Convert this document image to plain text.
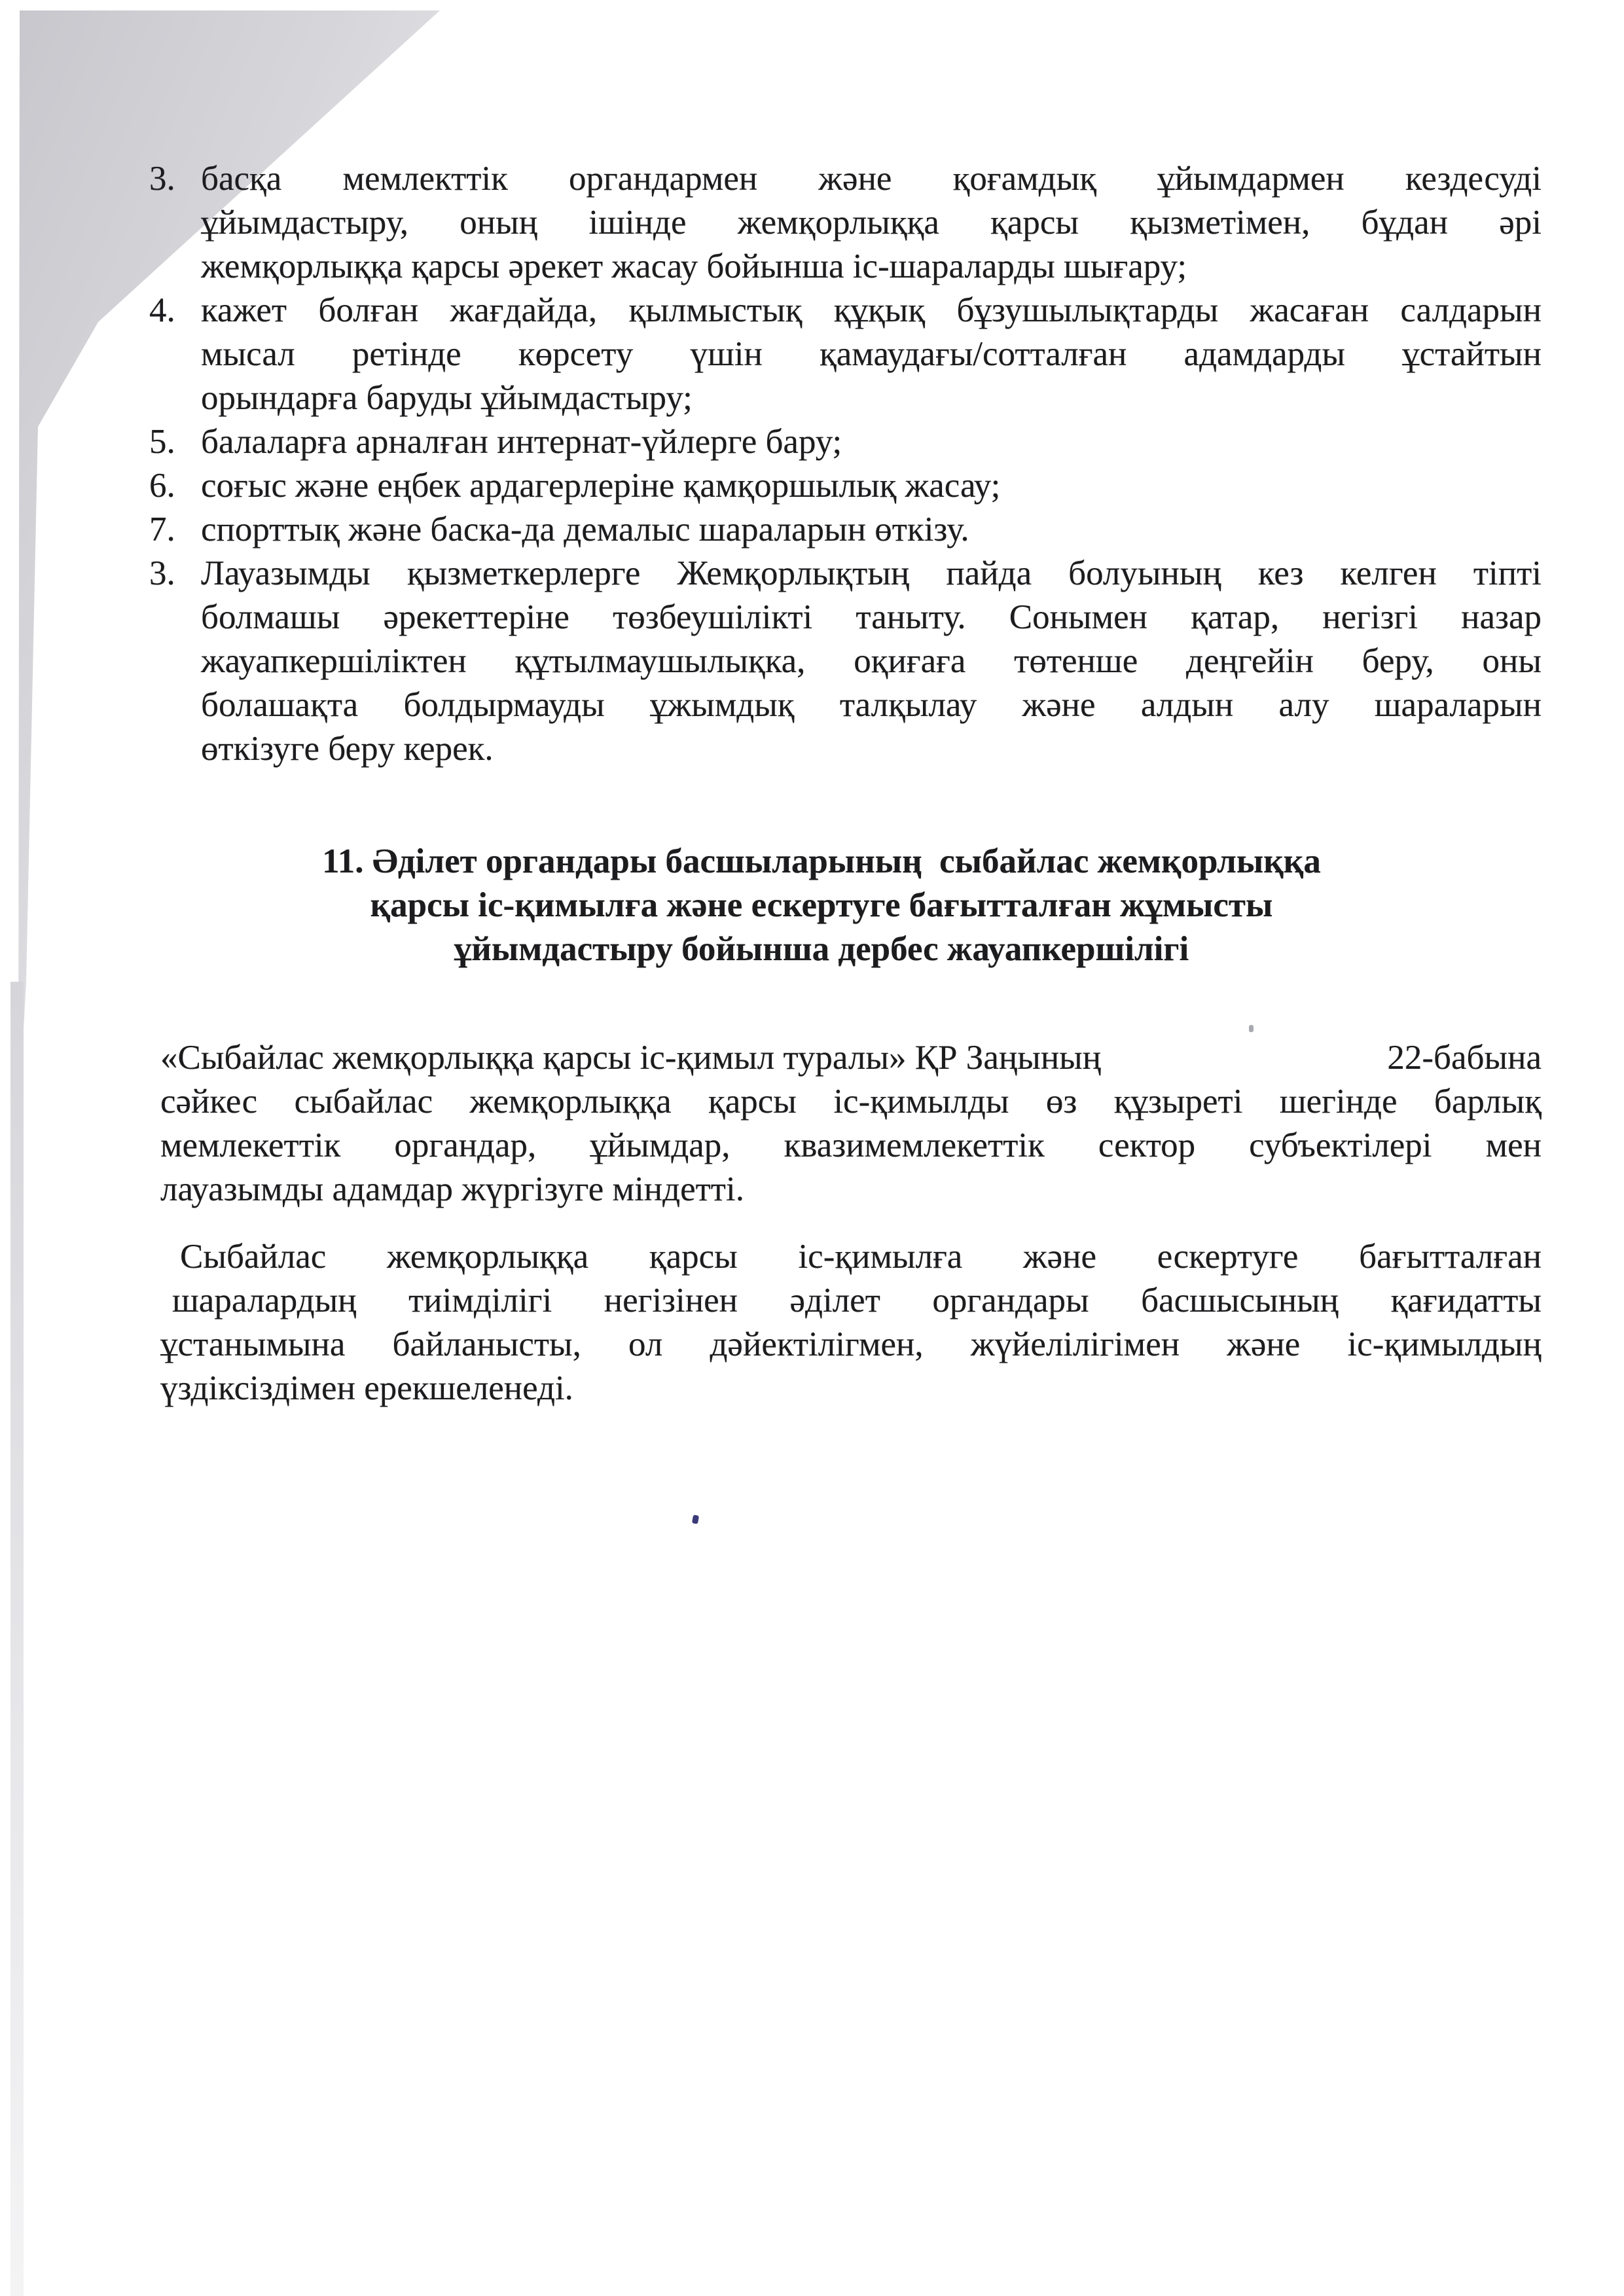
3. басқа мемлекттік органдармен және қоғамдық ұйымдармен кездесуді
ұйымдастыру, оның ішінде жемқорлыққа қарсы қызметімен, бұдан әрі
жемқорлыққа қарсы әрекет жасау бойынша іс-шараларды шығару;
4. кажет болған жағдайда, қылмыстық құқық бұзушылықтарды жасаған салдарын
мысал ретінде көрсету үшін қамаудағы/сотталған адамдарды ұстайтын
орындарға баруды ұйымдастыру;
5. балаларға арналған интернат-үйлерге бару;
6. соғыс және еңбек ардагерлеріне қамқоршылық жасау;
7. спорттық және баска-да демалыс шараларын өткізу.
3. Лауазымды қызметкерлерге Жемқорлықтың пайда болуының кез келген тіпті
болмашы әрекеттеріне төзбеушілікті таныту. Сонымен қатар, негізгі назар
жауапкершіліктен құтылмаушылықка, оқиғаға төтенше деңгейін беру, оны
болашақта болдырмауды ұжымдық талқылау және алдын алу шараларын
өткізуге беру керек.
11. Әділет органдары басшыларының  сыбайлас жемқорлыққа
қарсы іс-қимылға және ескертуге бағытталған жұмысты
ұйымдастыру бойынша дербес жауапкершілігі
«Сыбайлас жемқорлыққа қарсы іс-қимыл туралы» ҚР Заңының	22-бабына
сәйкес сыбайлас жемқорлыққа қарсы іс-қимылды өз құзыреті шегінде барлық
мемлекеттік органдар, ұйымдар, квазимемлекеттік сектор субъектілері мен
лауазымды адамдар жүргізуге міндетті.
Сыбайлас жемқорлыққа қарсы іс-қимылға және ескертуге бағытталған
шаралардың тиімділігі негізінен әділет органдары басшысының қағидатты
ұстанымына байланысты, ол дәйектілігмен, жүйелілігімен және іс-қимылдың
үздіксіздімен ерекшеленеді.
